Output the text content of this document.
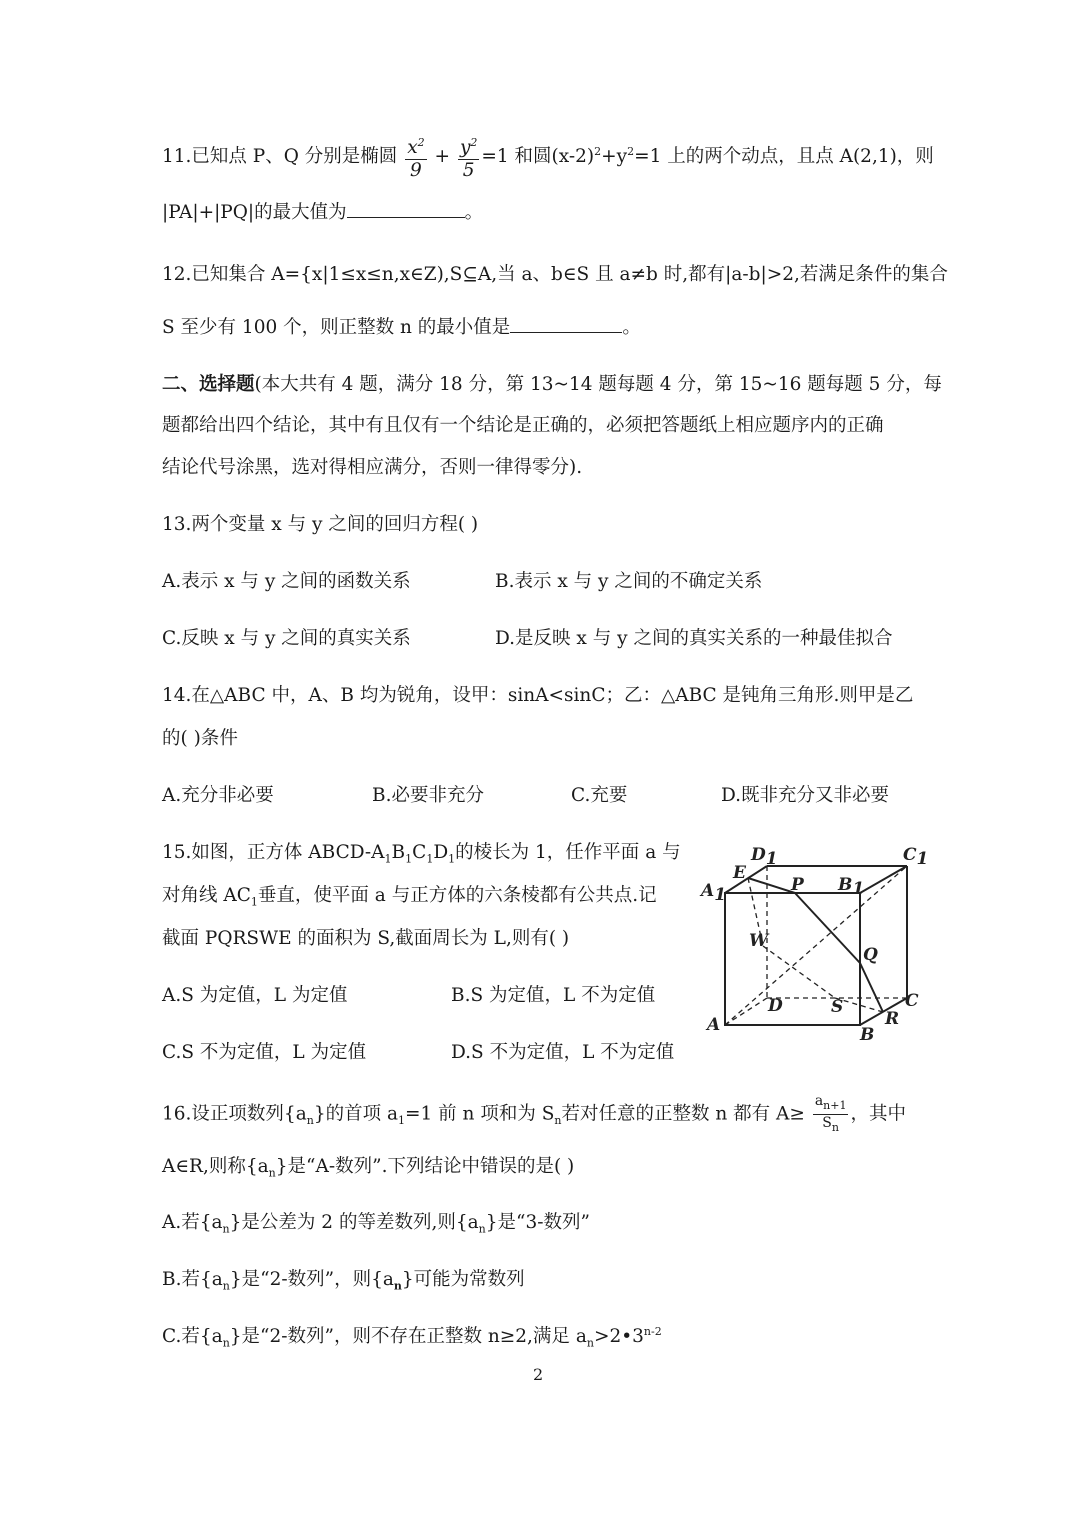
11.已知点 P、Q 分别是椭圆 $\frac{x^2}{9} + \frac{y^2}{5} =1$ 和圆$(x-2)^2+y^2=1$ 上的两个动点，且点 A(2,1)，则
|PA|+|PQ|的最大值为	。
12.已知集合 A={x|1≤x≤n,x∈Z),S⊆A,当 a、b∈S 且 a≠b 时,都有|a-b|>2,若满足条件的集合
S 至少有 100 个，则正整数 n 的最小值是	。
二、选择题(本大共有 4 题，满分 18 分，第 13~14 题每题 4 分，第 15~16 题每题 5 分，每
题都给出四个结论，其中有且仅有一个结论是正确的，必须把答题纸上相应题序内的正确
结论代号涂黑，选对得相应满分，否则一律得零分).
13.两个变量 x 与 y 之间的回归方程( )
A.表示 x 与 y 之间的函数关系	B.表示 x 与 y 之间的不确定关系
C.反映 x 与 y 之间的真实关系	D.是反映 x 与 y 之间的真实关系的一种最佳拟合
14.在△ABC 中，A、B 均为锐角，设甲：sinA<sinC；乙：△ABC 是钝角三角形.则甲是乙
的( )条件
A.充分非必要	B.必要非充分	C.充要	D.既非充分又非必要
15.如图，正方体 ABCD-$A_1B_1C_1D_1$的棱长为 1，任作平面 a 与
对角线 $AC_1$垂直，使平面 a 与正方体的六条棱都有公共点.记
截面 PQRSWE 的面积为 S,截面周长为 L,则有( )
A.S 为定值，L 为定值	B.S 为定值，L 不为定值
C.S 不为定值，L 为定值	D.S 不为定值，L 不为定值
D1	C1
E
A1	P B1
W
Q
D	S	C
R
A	B
16.设正项数列$\{a_n\}$的首项 $a_1=1$ 前 n 项和为 $S_n$若对任意的正整数 n 都有 $A\ge \frac{a_{n+1}}{S_n}$ ，其中
A∈R,则称$\{a_n\}$是“A-数列”.下列结论中错误的是( )
A.若$\{a_n\}$是公差为 2 的等差数列,则$\{a_n\}$是“3-数列”
B.若$\{a_n\}$是“2-数列”，则$\{a_n\}$可能为常数列
C.若$\{a_n\}$是“2-数列”，则不存在正整数 n≥2,满足 $a_n>2•3^{n-2}$
2
